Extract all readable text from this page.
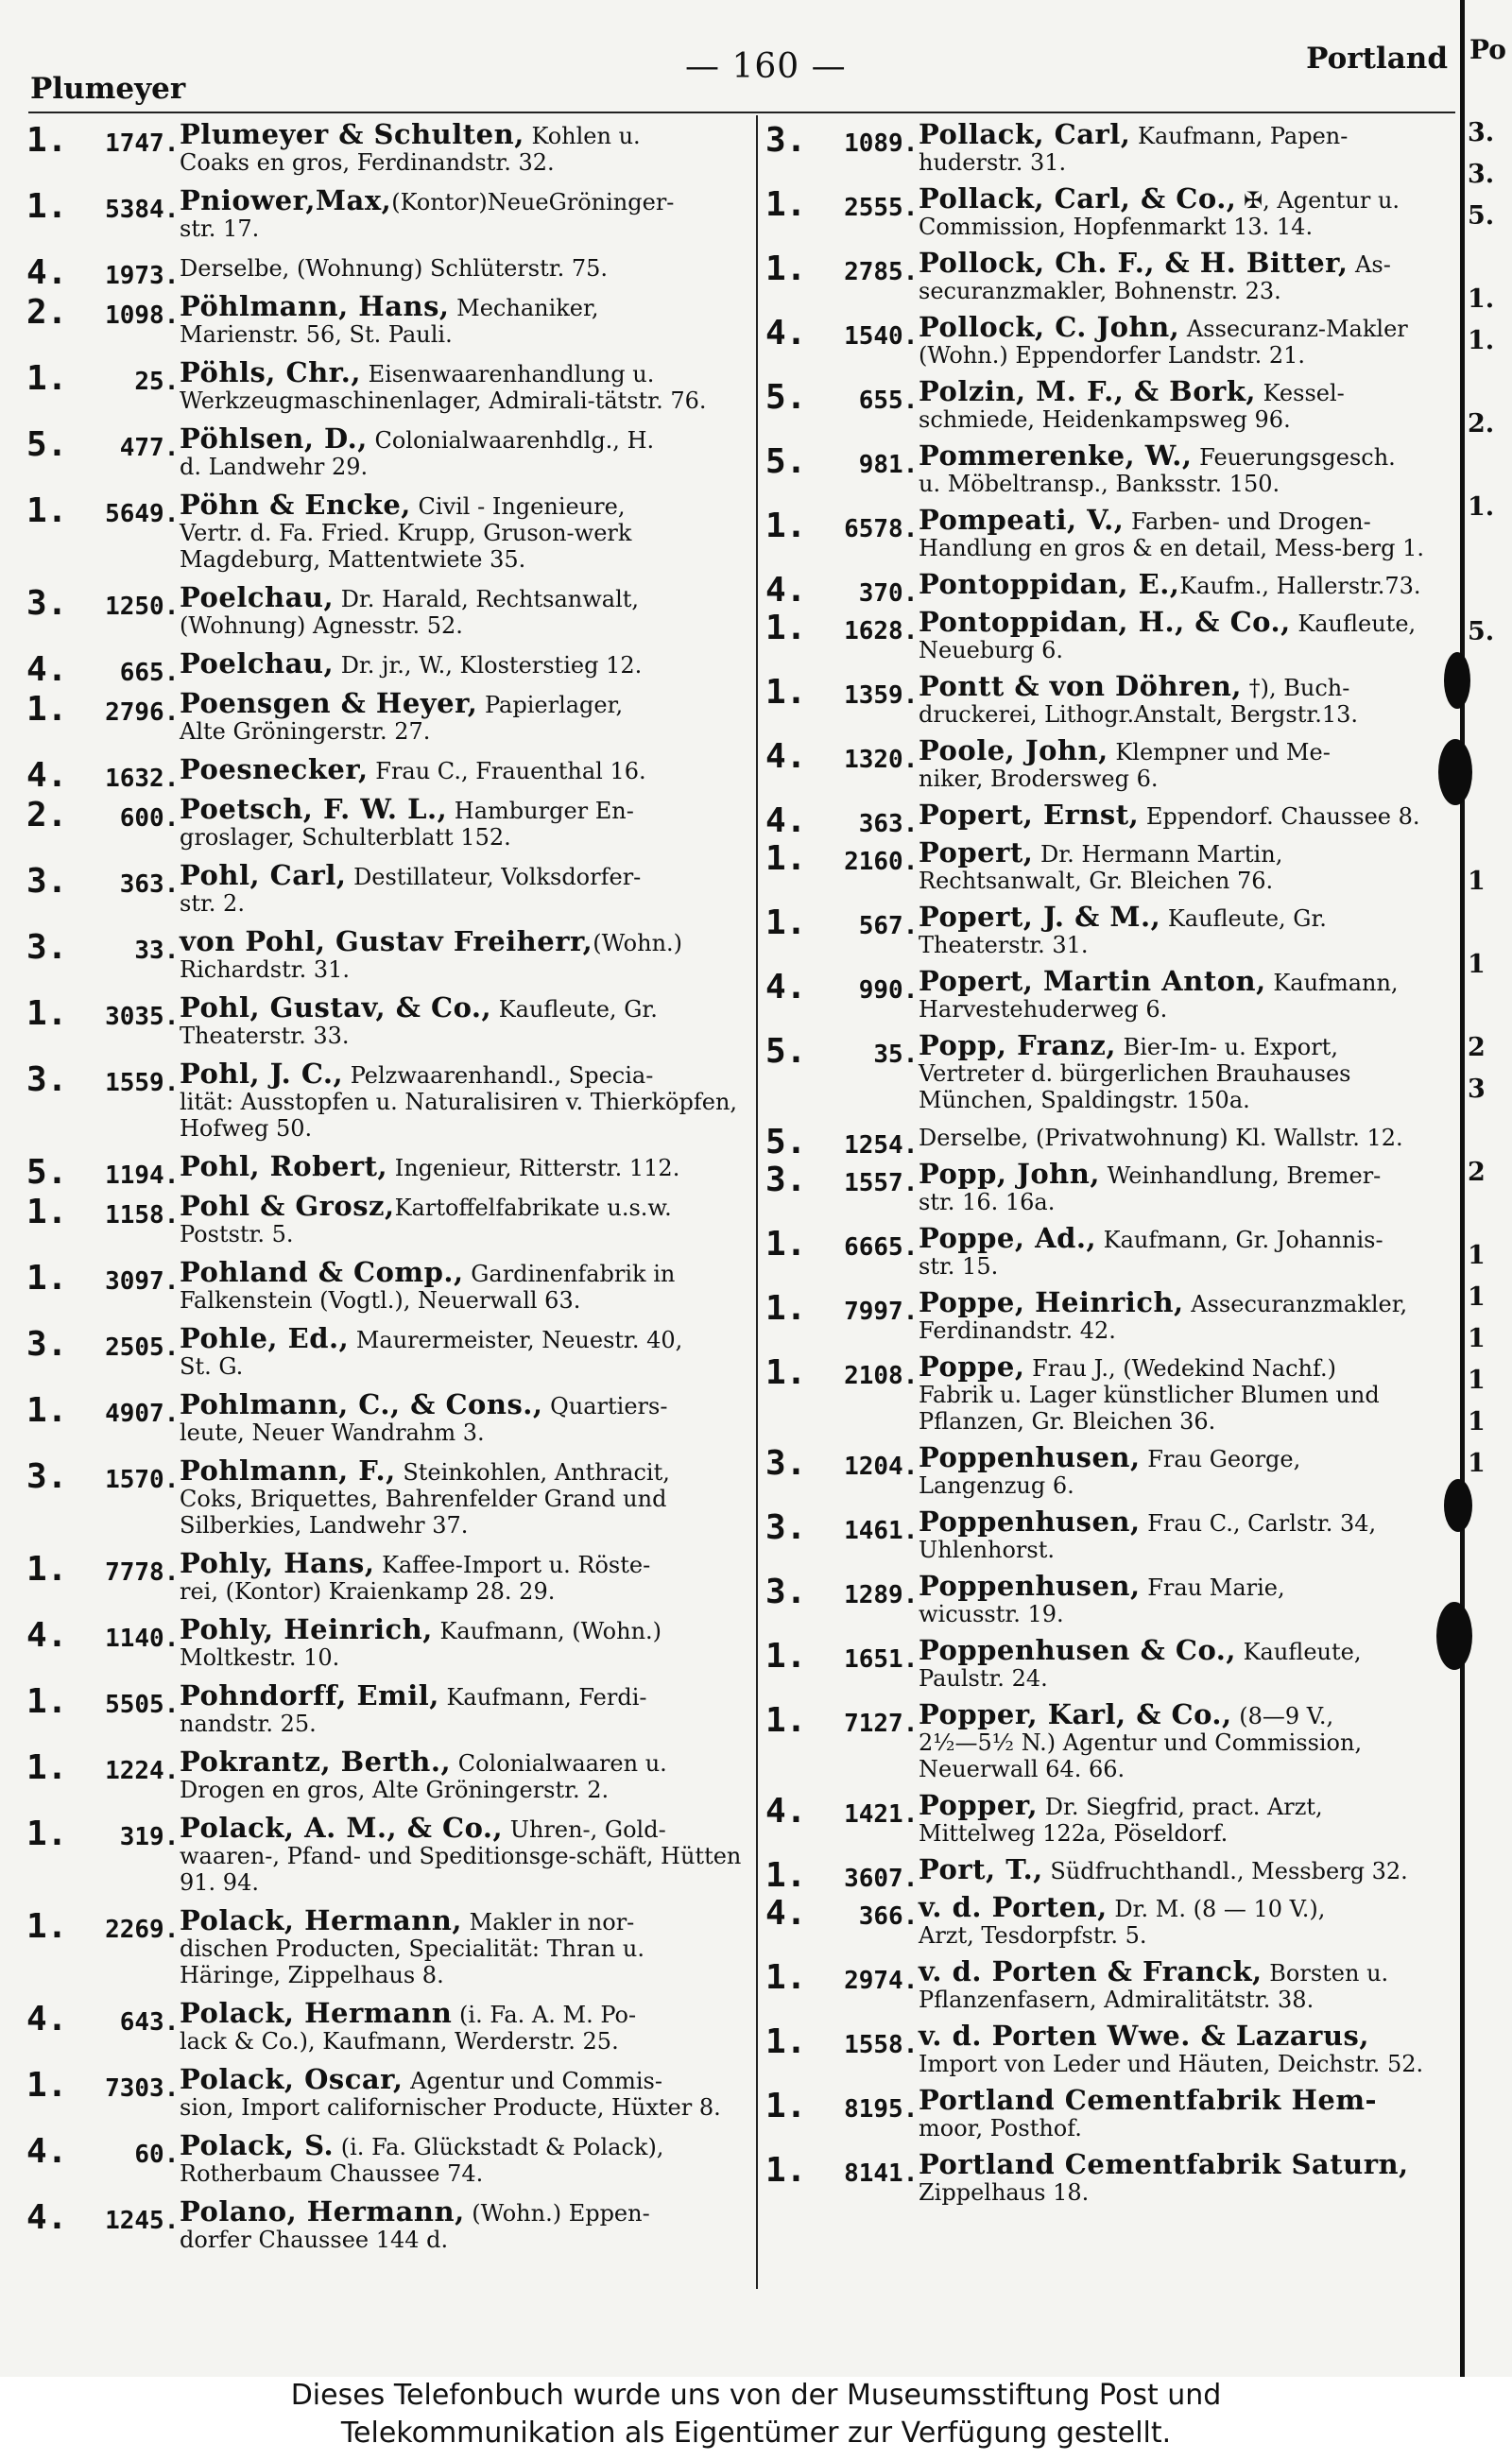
Plumeyer
— 160 —	Portland Po
1. 1747. Plumeyer & Schulten, Kohlen u.
Coaks en gros, Ferdinandstr. 32.
1. 5384. Pniower,Max,(Kontor)NeueGröninger-
str. 17.
4. 1973. Derselbe, (Wohnung) Schlüterstr. 75.
2. 1098. Pöhlmann, Hans, Mechaniker,
Marienstr. 56, St. Pauli.
1.	25. Pöhls, Chr., Eisenwaarenhandlung u.
Werkzeugmaschinenlager, Admirali-tätstr. 76.
5. 477. Pöhlsen, D., Colonialwaarenhdlg., H.
d. Landwehr 29.
1. 5649. Pöhn & Encke, Civil - Ingenieure,
Vertr. d. Fa. Fried. Krupp, Gruson-werk Magdeburg, Mattentwiete 35.
3. 1250. Poelchau, Dr. Harald, Rechtsanwalt,
(Wohnung) Agnesstr. 52.
4. 665. Poelchau, Dr. jr., W., Klosterstieg 12.
1. 2796. Poensgen & Heyer, Papierlager,
Alte Gröningerstr. 27.
4. 1632. Poesnecker, Frau C., Frauenthal 16.
2. 600. Poetsch, F. W. L., Hamburger En-
groslager, Schulterblatt 152.
3. 363. Pohl, Carl, Destillateur, Volksdorfer-
str. 2.
3.	33. von Pohl, Gustav Freiherr,(Wohn.)
Richardstr. 31.
1. 3035. Pohl, Gustav, & Co., Kaufleute, Gr.
Theaterstr. 33.
3. 1559. Pohl, J. C., Pelzwaarenhandl., Specia-
lität: Ausstopfen u. Naturalisiren v. Thierköpfen, Hofweg 50.
5. 1194. Pohl, Robert, Ingenieur, Ritterstr. 112.
1. 1158. Pohl & Grosz,Kartoffelfabrikate u.s.w.
Poststr. 5.
1. 3097. Pohland & Comp., Gardinenfabrik in
Falkenstein (Vogtl.), Neuerwall 63.
3. 2505. Pohle, Ed., Maurermeister, Neuestr. 40,
St. G.
1. 4907. Pohlmann, C., & Cons., Quartiers-
leute, Neuer Wandrahm 3.
3. 1570. Pohlmann, F., Steinkohlen, Anthracit,
Coks, Briquettes, Bahrenfelder Grand und Silberkies, Landwehr 37.
1. 7778. Pohly, Hans, Kaffee-Import u. Röste-
rei, (Kontor) Kraienkamp 28. 29.
4. 1140. Pohly, Heinrich, Kaufmann, (Wohn.)
Moltkestr. 10.
1. 5505. Pohndorff, Emil, Kaufmann, Ferdi-
nandstr. 25.
1. 1224. Pokrantz, Berth., Colonialwaaren u.
Drogen en gros, Alte Gröningerstr. 2.
1. 319. Polack, A. M., & Co., Uhren-, Gold-
waaren-, Pfand- und Speditionsge-schäft, Hütten 91. 94.
1. 2269. Polack, Hermann, Makler in nor-
dischen Producten, Specialität: Thran u. Häringe, Zippelhaus 8.
4. 643. Polack, Hermann (i. Fa. A. M. Po-
lack & Co.), Kaufmann, Werderstr. 25.
1. 7303. Polack, Oscar, Agentur und Commis-
sion, Import californischer Producte, Hüxter 8.
4.	60. Polack, S. (i. Fa. Glückstadt & Polack),
Rotherbaum Chaussee 74.
4. 1245. Polano, Hermann, (Wohn.) Eppen-
dorfer Chaussee 144 d.
3. 1089. Pollack, Carl, Kaufmann, Papen-
huderstr. 31.
1. 2555. Pollack, Carl, & Co., ✠, Agentur u.
Commission, Hopfenmarkt 13. 14.
1. 2785. Pollock, Ch. F., & H. Bitter, As-
securanzmakler, Bohnenstr. 23.
4. 1540. Pollock, C. John, Assecuranz-Makler
(Wohn.) Eppendorfer Landstr. 21.
5. 655. Polzin, M. F., & Bork, Kessel-
schmiede, Heidenkampsweg 96.
5. 981. Pommerenke, W., Feuerungsgesch.
u. Möbeltransp., Banksstr. 150.
1. 6578. Pompeati, V., Farben- und Drogen-
Handlung en gros & en detail, Mess-berg 1.
4. 370. Pontoppidan, E.,Kaufm., Hallerstr.73.
1. 1628. Pontoppidan, H., & Co., Kaufleute,
Neueburg 6.
1. 1359. Pontt & von Döhren, †), Buch-
druckerei, Lithogr.Anstalt, Bergstr.13.
4. 1320. Poole, John, Klempner und Me-
niker, Brodersweg 6.
4. 363. Popert, Ernst, Eppendorf. Chaussee 8.
1. 2160. Popert, Dr. Hermann Martin,
Rechtsanwalt, Gr. Bleichen 76.
1. 567. Popert, J. & M., Kaufleute, Gr.
Theaterstr. 31.
4. 990. Popert, Martin Anton, Kaufmann,
Harvestehuderweg 6.
5.	35. Popp, Franz, Bier-Im- u. Export,
Vertreter d. bürgerlichen Brauhauses München, Spaldingstr. 150a.
5. 1254. Derselbe, (Privatwohnung) Kl. Wallstr. 12.
3. 1557. Popp, John, Weinhandlung, Bremer-
str. 16. 16a.
1. 6665. Poppe, Ad., Kaufmann, Gr. Johannis-
str. 15.
1. 7997. Poppe, Heinrich, Assecuranzmakler,
Ferdinandstr. 42.
1. 2108. Poppe, Frau J., (Wedekind Nachf.)
Fabrik u. Lager künstlicher Blumen und Pflanzen, Gr. Bleichen 36.
3. 1204. Poppenhusen, Frau George,
Langenzug 6.
3. 1461. Poppenhusen, Frau C., Carlstr. 34,
Uhlenhorst.
3. 1289. Poppenhusen, Frau Marie,
wicusstr. 19.
1. 1651. Poppenhusen & Co., Kaufleute,
Paulstr. 24.
1. 7127. Popper, Karl, & Co., (8—9 V.,
2½—5½ N.) Agentur und Commission, Neuerwall 64. 66.
4. 1421. Popper, Dr. Siegfrid, pract. Arzt,
Mittelweg 122a, Pöseldorf.
1. 3607. Port, T., Südfruchthandl., Messberg 32.
4. 366. v. d. Porten, Dr. M. (8 — 10 V.),
Arzt, Tesdorpfstr. 5.
1. 2974. v. d. Porten & Franck, Borsten u.
Pflanzenfasern, Admiralitätstr. 38.
1. 1558. v. d. Porten Wwe. & Lazarus,
Import von Leder und Häuten, Deichstr. 52.
1. 8195. Portland Cementfabrik Hem-
moor, Posthof.
1. 8141. Portland Cementfabrik Saturn,
Zippelhaus 18.
3.
3.
5.
1.
1.
2.
1.
5.
1
1
2
3
2
1
1
1
1
1
1
Dieses Telefonbuch wurde uns von der Museumsstiftung Post und
Telekommunikation als Eigentümer zur Verfügung gestellt.
